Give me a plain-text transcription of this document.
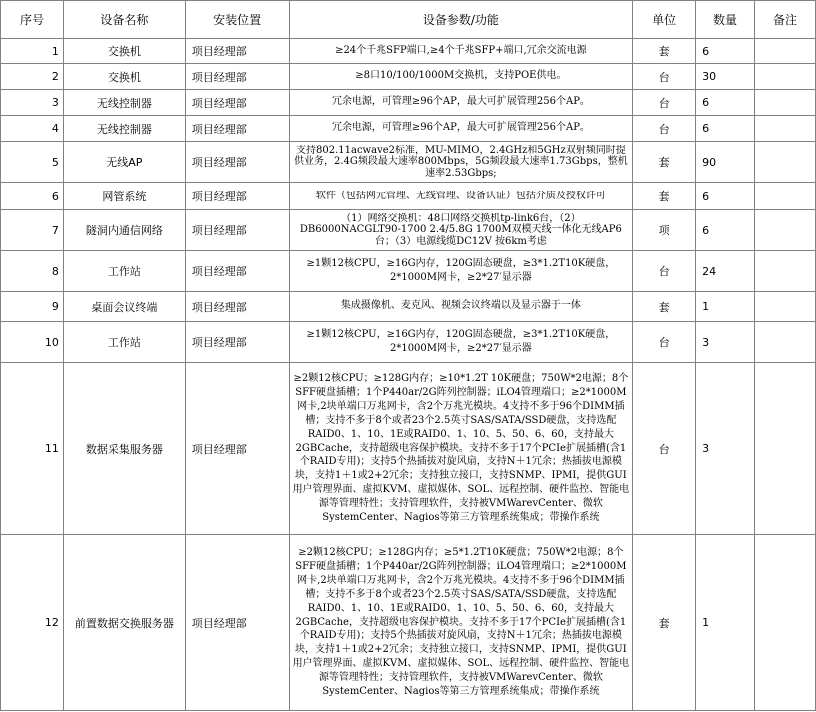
序号	设备名称	安装位置	设备参数/功能	单位	数量	备注
1	交换机	项目经理部	≥24个千兆SFP端口,≥4个千兆SFP+端口,冗余交流电源	套	6	
2	交换机	项目经理部	≥8口10/100/1000M交换机，支持POE供电。	台	30	
3	无线控制器	项目经理部	冗余电源，可管理≥96个AP，最大可扩展管理256个AP。	台	6	
4	无线控制器	项目经理部	冗余电源，可管理≥96个AP，最大可扩展管理256个AP。	台	6	
5	无线AP	项目经理部	支持802.11acwave2标准，MU-MIMO，2.4GHz和5GHz双射频同时提供业务，2.4G频段最大速率800Mbps，5G频段最大速率1.73Gbps，整机速率2.53Gbps;	套	90	
6	网管系统	项目经理部	软件（包括网元管理、无线管理、设备认证）包括介质及授权许可	套	6	
7	隧洞内通信网络	项目经理部	（1）网络交换机：48口网络交换机tp-link6台，（2）DB6000NACGLT90-1700 2.4/5.8G 1700M双模天线一体化无线AP6台；（3）电源线缆DC12V 按6km考虑	项	6	
8	工作站	项目经理部	≥1颗12核CPU，≥16G内存，120G固态硬盘，≥3*1.2T10K硬盘，2*1000M网卡，≥2*27′显示器	台	24	
9	桌面会议终端	项目经理部	集成摄像机、麦克风、视频会议终端以及显示器于一体	套	1	
10	工作站	项目经理部	≥1颗12核CPU，≥16G内存，120G固态硬盘，≥3*1.2T10K硬盘，2*1000M网卡，≥2*27′显示器	台	3	
11	数据采集服务器	项目经理部	≥2颗12核CPU；≥128G内存；≥10*1.2T 10K硬盘；750W*2电源；8个SFF硬盘插槽；1个P440ar/2G阵列控制器；iLO4管理端口；≥2*1000M网卡,2块单端口万兆网卡，含2个万兆光模块。4支持不多于96个DIMM插槽；支持不多于8个或者23个2.5英寸SAS/SATA/SSD硬盘，支持选配RAID0、1、10、1E或RAID0、1、10、5、50、6、60，支持最大2GBCache，支持超级电容保护模块。支持不多于17个PCIe扩展插槽(含1个RAID专用)；支持5个热插拔对旋风扇，支持N＋1冗余；热插拔电源模块，支持1＋1或2+2冗余；支持独立接口，支持SNMP、IPMI，提供GUI用户管理界面、虚拟KVM、虚拟媒体、SOL、远程控制、硬件监控、智能电源等管理特性；支持管理软件，支持被VMWarevCenter、微软SystemCenter、Nagios等第三方管理系统集成；带操作系统	台	3	
12	前置数据交换服务器	项目经理部	≥2颗12核CPU；≥128G内存；≥5*1.2T10K硬盘；750W*2电源；8个SFF硬盘插槽；1个P440ar/2G阵列控制器；iLO4管理端口；≥2*1000M网卡,2块单端口万兆网卡，含2个万兆光模块。4支持不多于96个DIMM插槽；支持不多于8个或者23个2.5英寸SAS/SATA/SSD硬盘，支持选配RAID0、1、10、1E或RAID0、1、10、5、50、6、60，支持最大2GBCache，支持超级电容保护模块。支持不多于17个PCIe扩展插槽(含1个RAID专用)；支持5个热插拔对旋风扇，支持N＋1冗余；热插拔电源模块，支持1＋1或2+2冗余；支持独立接口，支持SNMP、IPMI，提供GUI用户管理界面、虚拟KVM、虚拟媒体、SOL、远程控制、硬件监控、智能电源等管理特性；支持管理软件，支持被VMWarevCenter、微软SystemCenter、Nagios等第三方管理系统集成；带操作系统	套	1	
